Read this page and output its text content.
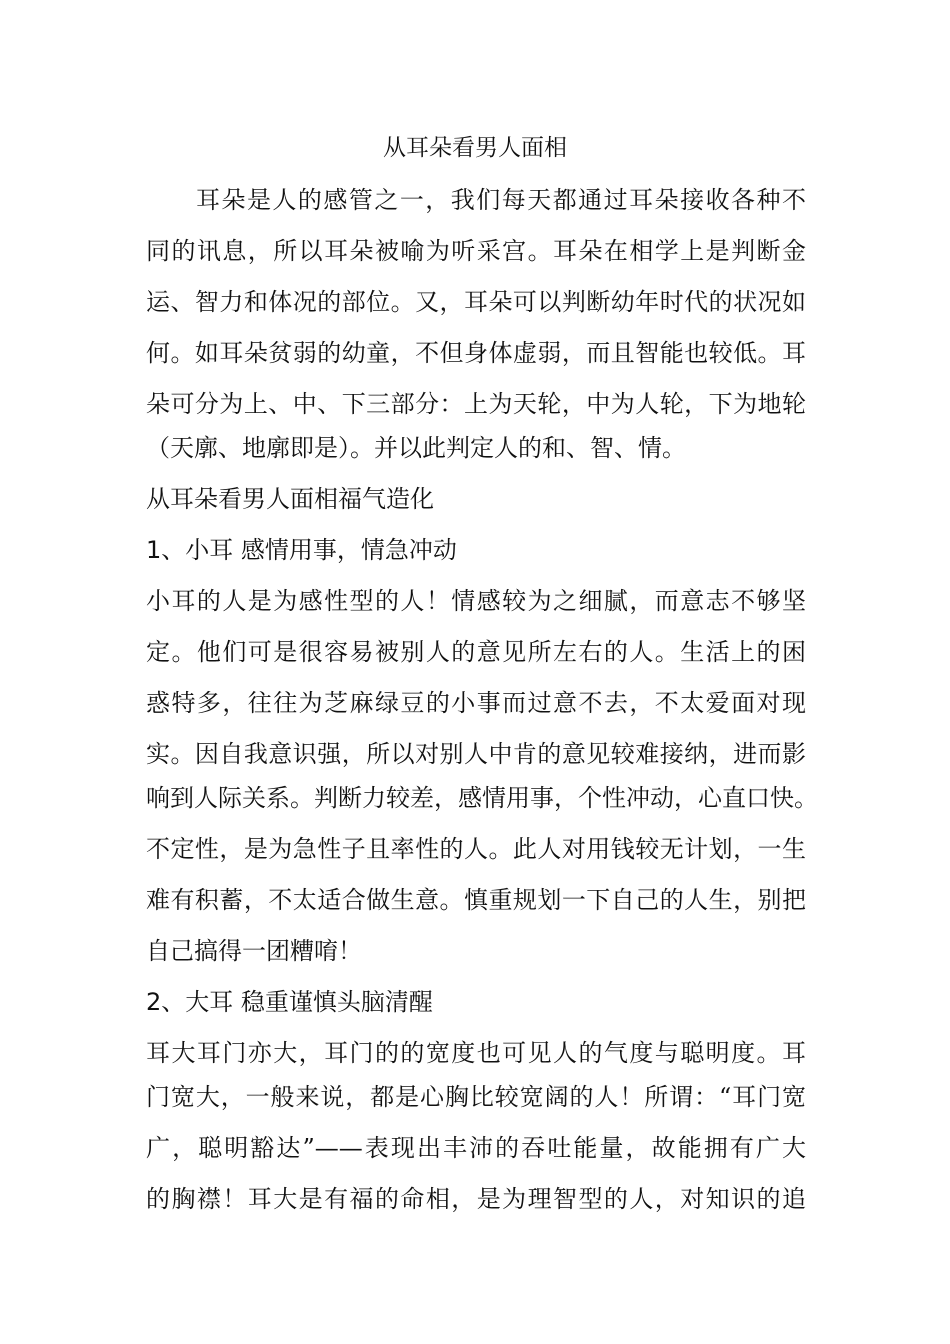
从耳朵看男人面相
耳朵是人的感管之一，我们每天都通过耳朵接收各种不
同的讯息，所以耳朵被喻为听采宫。耳朵在相学上是判断金
运、智力和体况的部位。又，耳朵可以判断幼年时代的状况如
何。如耳朵贫弱的幼童，不但身体虚弱，而且智能也较低。耳
朵可分为上、中、下三部分：上为天轮，中为人轮，下为地轮
（天廓、地廓即是）。并以此判定人的和、智、情。
从耳朵看男人面相福气造化
1、小耳 感情用事，情急冲动
小耳的人是为感性型的人！情感较为之细腻，而意志不够坚
定。他们可是很容易被别人的意见所左右的人。生活上的困
惑特多，往往为芝麻绿豆的小事而过意不去，不太爱面对现
实。因自我意识强，所以对别人中肯的意见较难接纳，进而影
响到人际关系。判断力较差，感情用事，个性冲动，心直口快。
不定性，是为急性子且率性的人。此人对用钱较无计划，一生
难有积蓄，不太适合做生意。慎重规划一下自己的人生，别把
自己搞得一团糟唷！
2、大耳 稳重谨慎头脑清醒
耳大耳门亦大，耳门的的宽度也可见人的气度与聪明度。耳
门宽大，一般来说，都是心胸比较宽阔的人！所谓：“耳门宽
广，聪明豁达”——表现出丰沛的吞吐能量，故能拥有广大
的胸襟！耳大是有福的命相，是为理智型的人，对知识的追
